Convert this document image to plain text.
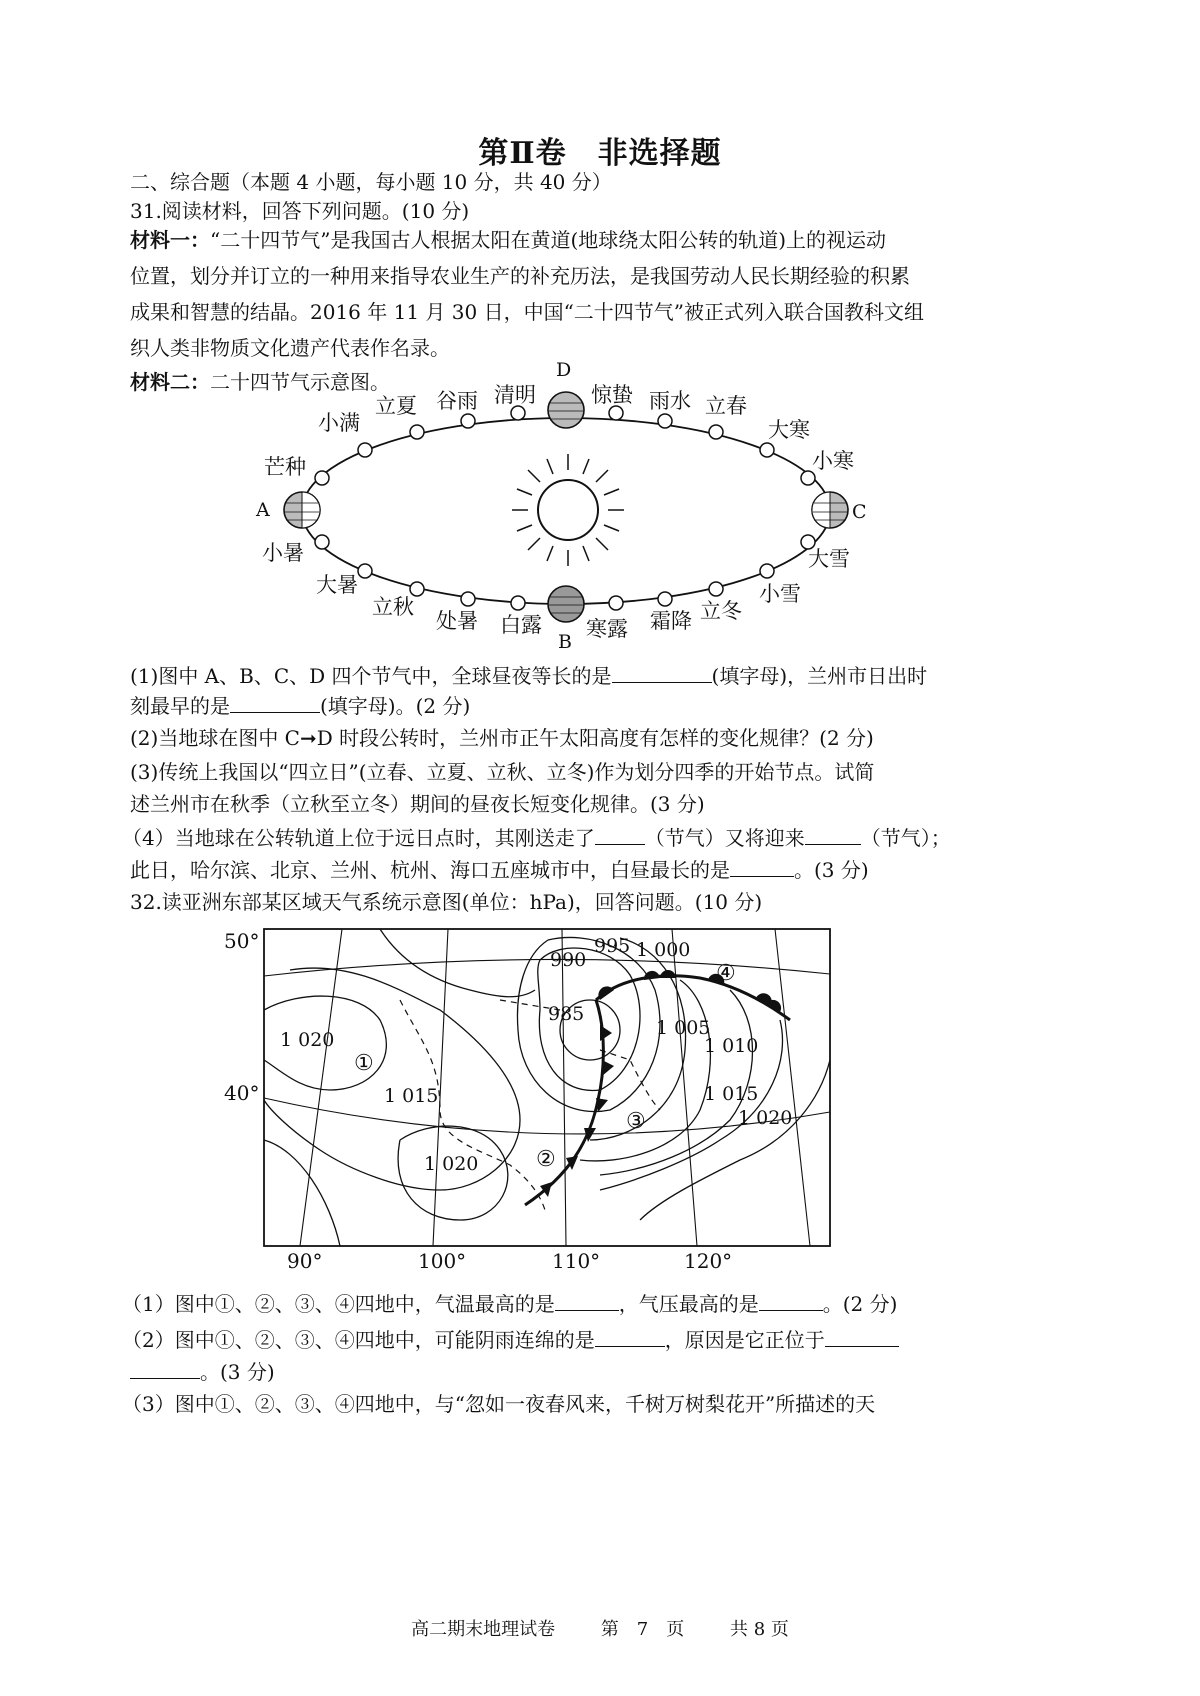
第Ⅱ卷　非选择题
二、综合题（本题 4 小题，每小题 10 分，共 40 分）
31.阅读材料，回答下列问题。(10 分)
材料一：“二十四节气”是我国古人根据太阳在黄道(地球绕太阳公转的轨道)上的视运动
位置，划分并订立的一种用来指导农业生产的补充历法，是我国劳动人民长期经验的积累
成果和智慧的结晶。2016 年 11 月 30 日，中国“二十四节气”被正式列入联合国教科文组
织人类非物质文化遗产代表作名录。
材料二：二十四节气示意图。
谷雨 清明	惊蛰 雨水 立春
大寒
小寒
大雪
小雪
立冬
霜降
寒露
白露
处暑
立秋
大暑
小暑
芒种
小满
立夏
A
B
C
D
(1)图中 A、B、C、D 四个节气中，全球昼夜等长的是	(填字母)，兰州市日出时
刻最早的是	(填字母)。(2 分)
(2)当地球在图中 C➞D 时段公转时，兰州市正午太阳高度有怎样的变化规律？(2 分)
(3)传统上我国以“四立日”(立春、立夏、立秋、立冬)作为划分四季的开始节点。试简
述兰州市在秋季（立秋至立冬）期间的昼夜长短变化规律。(3 分)
（4）当地球在公转轨道上位于远日点时，其刚送走了	（节气）又将迎来	（节气）；
此日，哈尔滨、北京、兰州、杭州、海口五座城市中，白昼最长的是	。(3 分)
32.读亚洲东部某区域天气系统示意图(单位：hPa)，回答问题。(10 分)
50°
40°
90°	100°	110°	120°
990
995 1 000
985
1 020
1 005
1 010
1 015	1 015
1 020
1 020
①
②
③
④
（1）图中①、②、③、④四地中，气温最高的是	，气压最高的是	。(2 分)
（2）图中①、②、③、④四地中，可能阴雨连绵的是	，原因是它正位于
。(3 分)
（3）图中①、②、③、④四地中，与“忽如一夜春风来，千树万树梨花开”所描述的天
高二期末地理试卷	第　7　页	共 8 页
